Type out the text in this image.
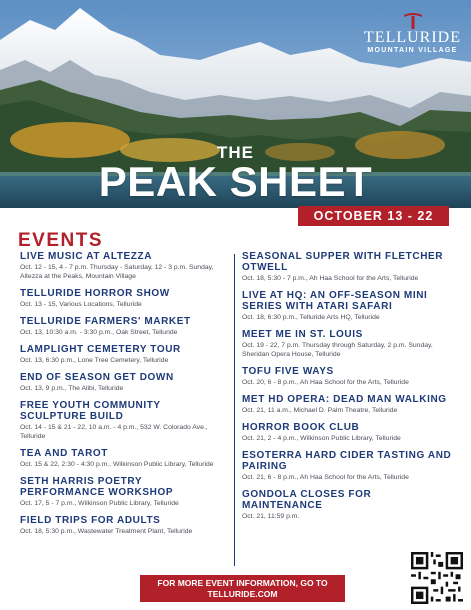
TELLURIDE
MOUNTAIN VILLAGE
THE
PEAK SHEET
OCTOBER 13 - 22
EVENTS
LIVE MUSIC AT ALTEZZA
Oct. 12 - 15, 4 - 7 p.m. Thursday - Saturday, 12 - 3 p.m. Sunday, Altezza at the Peaks, Mountain Village
TELLURIDE HORROR SHOW
Oct. 13 - 15, Various Locations, Telluride
TELLURIDE FARMERS' MARKET
Oct. 13, 10:30 a.m. - 3:30 p.m., Oak Street, Telluride
LAMPLIGHT CEMETERY TOUR
Oct. 13, 6:30 p.m., Lone Tree Cemetery, Telluride
END OF SEASON GET DOWN
Oct. 13, 9 p.m., The Alibi, Telluride
FREE YOUTH COMMUNITY SCULPTURE BUILD
Oct. 14 - 15 & 21 - 22, 10 a.m. - 4 p.m., 532 W. Colorado Ave., Telluride
TEA AND TAROT
Oct. 15 & 22, 2:30 - 4:30 p.m., Wilkinson Public Library, Telluride
SETH HARRIS POETRY PERFORMANCE WORKSHOP
Oct. 17, 5 - 7 p.m., Wilkinson Public Library, Telluride
FIELD TRIPS FOR ADULTS
Oct. 18, 5:30 p.m., Wastewater Treatment Plant, Telluride
SEASONAL SUPPER WITH FLETCHER OTWELL
Oct. 18, 5:30 - 7 p.m., Ah Haa School for the Arts, Telluride
LIVE AT HQ: AN OFF-SEASON MINI SERIES WITH ATARI SAFARI
Oct. 18, 6:30 p.m., Telluride Arts HQ, Telluride
MEET ME IN ST. LOUIS
Oct. 19 - 22, 7 p.m. Thursday through Saturday, 2 p.m. Sunday, Sheridan Opera House, Telluride
TOFU FIVE WAYS
Oct. 20, 6 - 8 p.m., Ah Haa School for the Arts, Telluride
MET HD OPERA: DEAD MAN WALKING
Oct. 21, 11 a.m., Michael D. Palm Theatre, Telluride
HORROR BOOK CLUB
Oct. 21, 2 - 4 p.m., Wilkinson Public Library, Telluride
ESOTERRA HARD CIDER TASTING AND PAIRING
Oct. 21, 6 - 8 p.m., Ah Haa School for the Arts, Telluride
GONDOLA CLOSES FOR MAINTENANCE
Oct. 21, 11:59 p.m.
FOR MORE EVENT INFORMATION, GO TO
TELLURIDE.COM
